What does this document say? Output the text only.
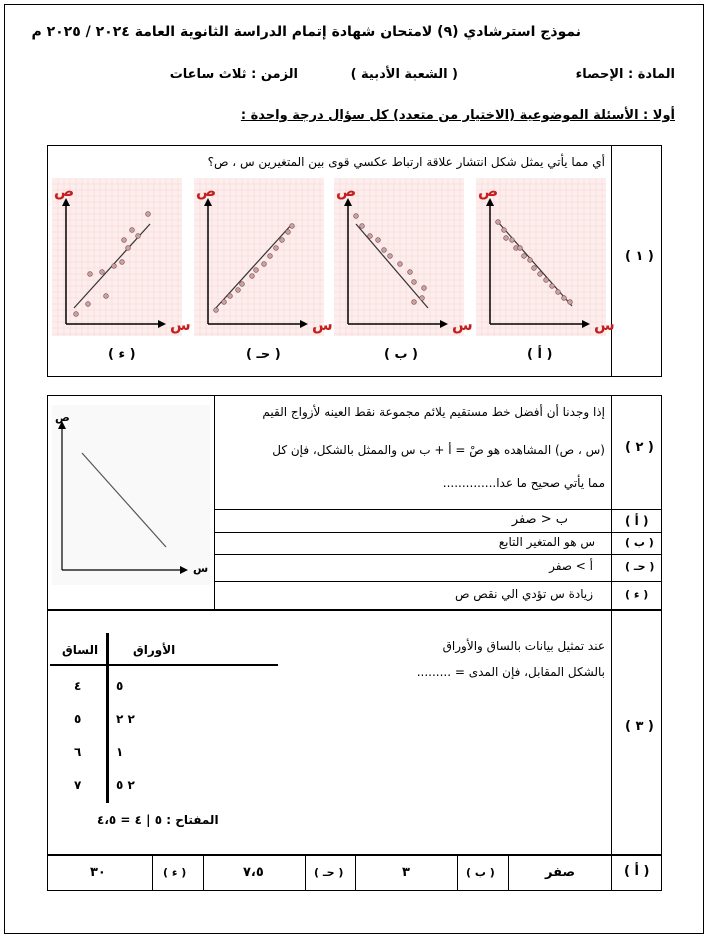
نموذج استرشادي (٩) لامتحان شهادة إتمام الدراسة الثانوية العامة ٢٠٢٤ / ٢٠٢٥ م
المادة : الإحصاء
( الشعبة الأدبية )
الزمن : ثلاث ساعات
أولا : الأسئلة الموضوعية (الاختيار من متعدد) كل سؤال درجة واحدة :
( ١ )
أي مما يأتي يمثل شكل انتشار علاقة ارتباط عكسي قوى بين المتغيرين س ، ص؟
ص
س
ص
س
ص
س
ص
س
( ء )	( حـ )	( ب )	( أ )
( ٢ )
إذا وجدنا أن أفضل خط مستقيم يلائم مجموعة نقط العينه لأزواج القيم
(س ، ص) المشاهده هو صْ = أ + ب س والممثل بالشكل، فإن كل
مما يأتي صحيح ما عدا..............
ص
س
( أ )
ب < صفر
( ب )
س هو المتغير التابع
( حـ )
أ > صفر
( ء )
زيادة س تؤدي الي نقص ص
( ٣ )
عند تمثيل بيانات بالساق والأوراق
بالشكل المقابل، فإن المدى = .........
الساق	الأوراق
٤	٥
٥	٢ ٢
٦	١
٧	٢ ٥
المفتاح : ٥ | ٤ = ٤،٥
( أ )
صفر
( ب )
٣
( حـ )
٧،٥
( ء )
٣٠
